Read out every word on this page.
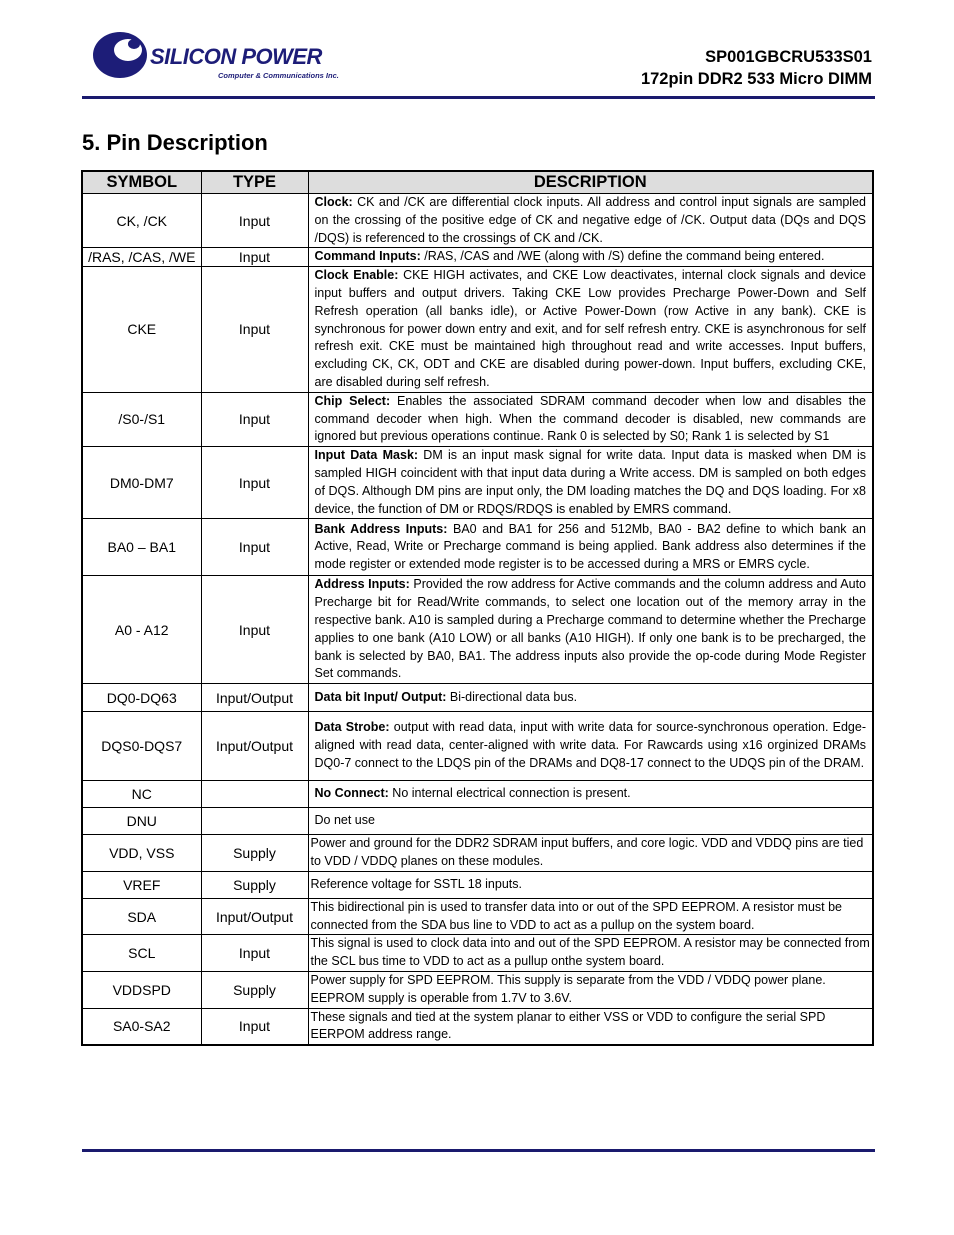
SILICON POWER
Computer & Communications Inc.
SP001GBCRU533S01
172pin DDR2 533 Micro DIMM
5. Pin Description
SYMBOL	TYPE	DESCRIPTION
CK, /CK	Input	Clock: CK and /CK are differential clock inputs. All address and control input signals are sampled on the crossing of the positive edge of CK and negative edge of /CK. Output data (DQs and DQS /DQS) is referenced to the crossings of CK and /CK.

/RAS, /CAS, /WE	Input	Command Inputs: /RAS, /CAS and /WE (along with /S) define the command being entered.

CKE	Input	Clock Enable: CKE HIGH activates, and CKE Low deactivates, internal clock signals and device input buffers and output drivers. Taking CKE Low provides Precharge Power-Down and Self Refresh operation (all banks idle), or Active Power-Down (row Active in any bank). CKE is synchronous for power down entry and exit, and for self refresh entry. CKE is asynchronous for self refresh exit. CKE must be maintained high throughout read and write accesses. Input buffers, excluding CK, CK, ODT and CKE are disabled during power-down. Input buffers, excluding CKE, are disabled during self refresh.

/S0-/S1	Input	Chip Select: Enables the associated SDRAM command decoder when low and disables the command decoder when high. When the command decoder is disabled, new commands are ignored but previous operations continue. Rank 0 is selected by S0; Rank 1 is selected by S1

DM0-DM7	Input	Input Data Mask: DM is an input mask signal for write data. Input data is masked when DM is sampled HIGH coincident with that input data during a Write access. DM is sampled on both edges of DQS. Although DM pins are input only, the DM loading matches the DQ and DQS loading. For x8 device, the function of DM or RDQS/RDQS is enabled by EMRS command.

BA0 – BA1	Input	Bank Address Inputs: BA0 and BA1 for 256 and 512Mb, BA0 - BA2 define to which bank an Active, Read, Write or Precharge command is being applied. Bank address also determines if the mode register or extended mode register is to be accessed during a MRS or EMRS cycle.

A0 - A12	Input	Address Inputs: Provided the row address for Active commands and the column address and Auto Precharge bit for Read/Write commands, to select one location out of the memory array in the respective bank. A10 is sampled during a Precharge command to determine whether the Precharge applies to one bank (A10 LOW) or all banks (A10 HIGH). If only one bank is to be precharged, the bank is selected by BA0, BA1. The address inputs also provide the op-code during Mode Register Set commands.

DQ0-DQ63	Input/Output	Data bit Input/ Output: Bi-directional data bus.

DQS0-DQS7	Input/Output	Data Strobe: output with read data, input with write data for source-synchronous operation. Edge-aligned with read data, center-aligned with write data. For Rawcards using x16 orginized DRAMs DQ0-7 connect to the LDQS pin of the DRAMs and DQ8-17 connect to the UDQS pin of the DRAM.

NC		No Connect: No internal electrical connection is present.

DNU		Do net use

VDD, VSS	Supply	Power and ground for the DDR2 SDRAM input buffers, and core logic. VDD and VDDQ pins are tied to VDD / VDDQ planes on these modules.

VREF	Supply	Reference voltage for SSTL 18 inputs.

SDA	Input/Output	This bidirectional pin is used to transfer data into or out of the SPD EEPROM. A resistor must be connected from the SDA bus line to VDD to act as a pullup on the system board.

SCL	Input	This signal is used to clock data into and out of the SPD EEPROM. A resistor may be connected from the SCL bus time to VDD to act as a pullup onthe system board.

VDDSPD	Supply	Power supply for SPD EEPROM. This supply is separate from the VDD / VDDQ power plane. EEPROM supply is operable from 1.7V to 3.6V.

SA0-SA2	Input	These signals and tied at the system planar to either VSS or VDD to configure the serial SPD EERPOM address range.
